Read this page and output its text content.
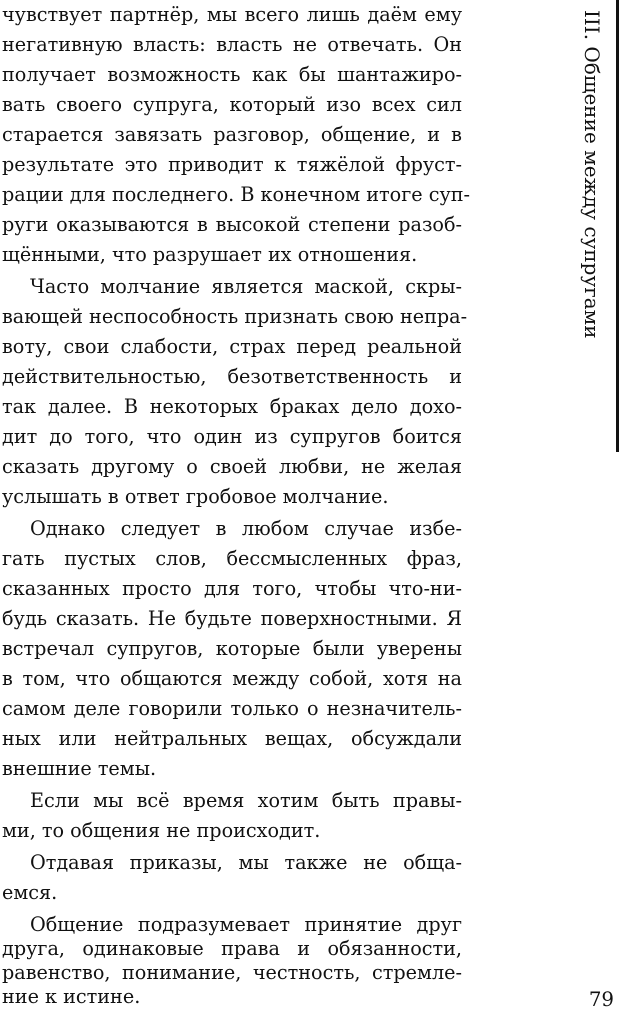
чувствует партнёр, мы всего лишь даём ему
негативную власть: власть не отвечать. Он
получает возможность как бы шантажиро-
вать своего супруга, который изо всех сил
старается завязать разговор, общение, и в
результате это приводит к тяжёлой фруст-
рации для последнего. В конечном итоге суп-
руги оказываются в высокой степени разоб-
щёнными, что разрушает их отношения.
Часто молчание является маской, скры-
вающей неспособность признать свою непра-
воту, свои слабости, страх перед реальной
действительностью, безответственность и
так далее. В некоторых браках дело дохо-
дит до того, что один из супругов боится
сказать другому о своей любви, не желая
услышать в ответ гробовое молчание.
Однако следует в любом случае избе-
гать пустых слов, бессмысленных фраз,
сказанных просто для того, чтобы что-ни-
будь сказать. Не будьте поверхностными. Я
встречал супругов, которые были уверены
в том, что общаются между собой, хотя на
самом деле говорили только о незначитель-
ных или нейтральных вещах, обсуждали
внешние темы.
Если мы всё время хотим быть правы-
ми, то общения не происходит.
Отдавая приказы, мы также не обща-
емся.
Общение подразумевает принятие друг
друга, одинаковые права и обязанности,
равенство, понимание, честность, стремле-
ние к истине.
III. Общение между супругами
79
